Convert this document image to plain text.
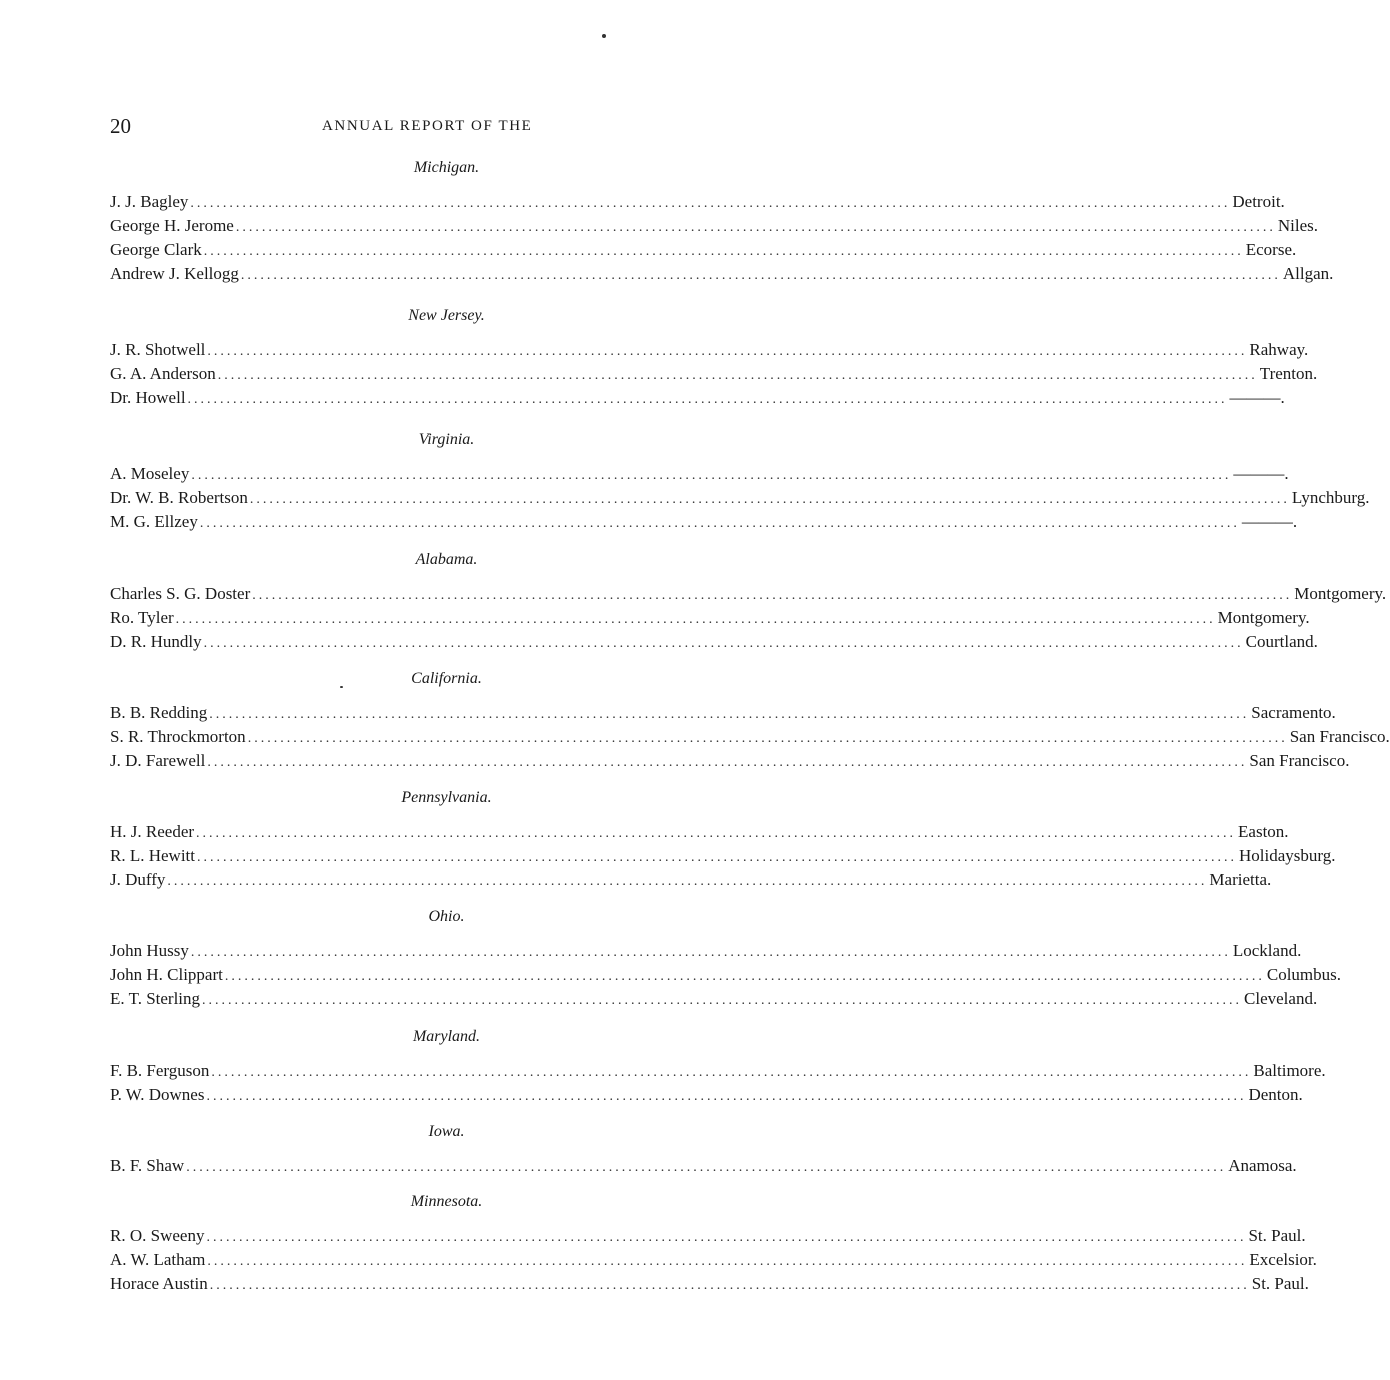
20	ANNUAL REPORT OF THE
Michigan.
J. J. Bagley ................................................................................................................................................................ Detroit.
George H. Jerome ................................................................................................................................................................ Niles.
George Clark ................................................................................................................................................................ Ecorse.
Andrew J. Kellogg ................................................................................................................................................................ Allgan.
New Jersey.
J. R. Shotwell ................................................................................................................................................................ Rahway.
G. A. Anderson ................................................................................................................................................................ Trenton.
Dr. Howell ................................................................................................................................................................ ———.
Virginia.
A. Moseley ................................................................................................................................................................ ———.
Dr. W. B. Robertson ................................................................................................................................................................ Lynchburg.
M. G. Ellzey ................................................................................................................................................................ ———.
Alabama.
Charles S. G. Doster ................................................................................................................................................................ Montgomery.
Ro. Tyler ................................................................................................................................................................ Montgomery.
D. R. Hundly ................................................................................................................................................................ Courtland.
California.
B. B. Redding ................................................................................................................................................................ Sacramento.
S. R. Throckmorton ................................................................................................................................................................ San Francisco.
J. D. Farewell ................................................................................................................................................................ San Francisco.
Pennsylvania.
H. J. Reeder ................................................................................................................................................................ Easton.
R. L. Hewitt ................................................................................................................................................................ Holidaysburg.
J. Duffy ................................................................................................................................................................ Marietta.
Ohio.
John Hussy ................................................................................................................................................................ Lockland.
John H. Clippart ................................................................................................................................................................ Columbus.
E. T. Sterling ................................................................................................................................................................ Cleveland.
Maryland.
F. B. Ferguson ................................................................................................................................................................ Baltimore.
P. W. Downes ................................................................................................................................................................ Denton.
Iowa.
B. F. Shaw ................................................................................................................................................................ Anamosa.
Minnesota.
R. O. Sweeny ................................................................................................................................................................ St. Paul.
A. W. Latham ................................................................................................................................................................ Excelsior.
Horace Austin ................................................................................................................................................................ St. Paul.
